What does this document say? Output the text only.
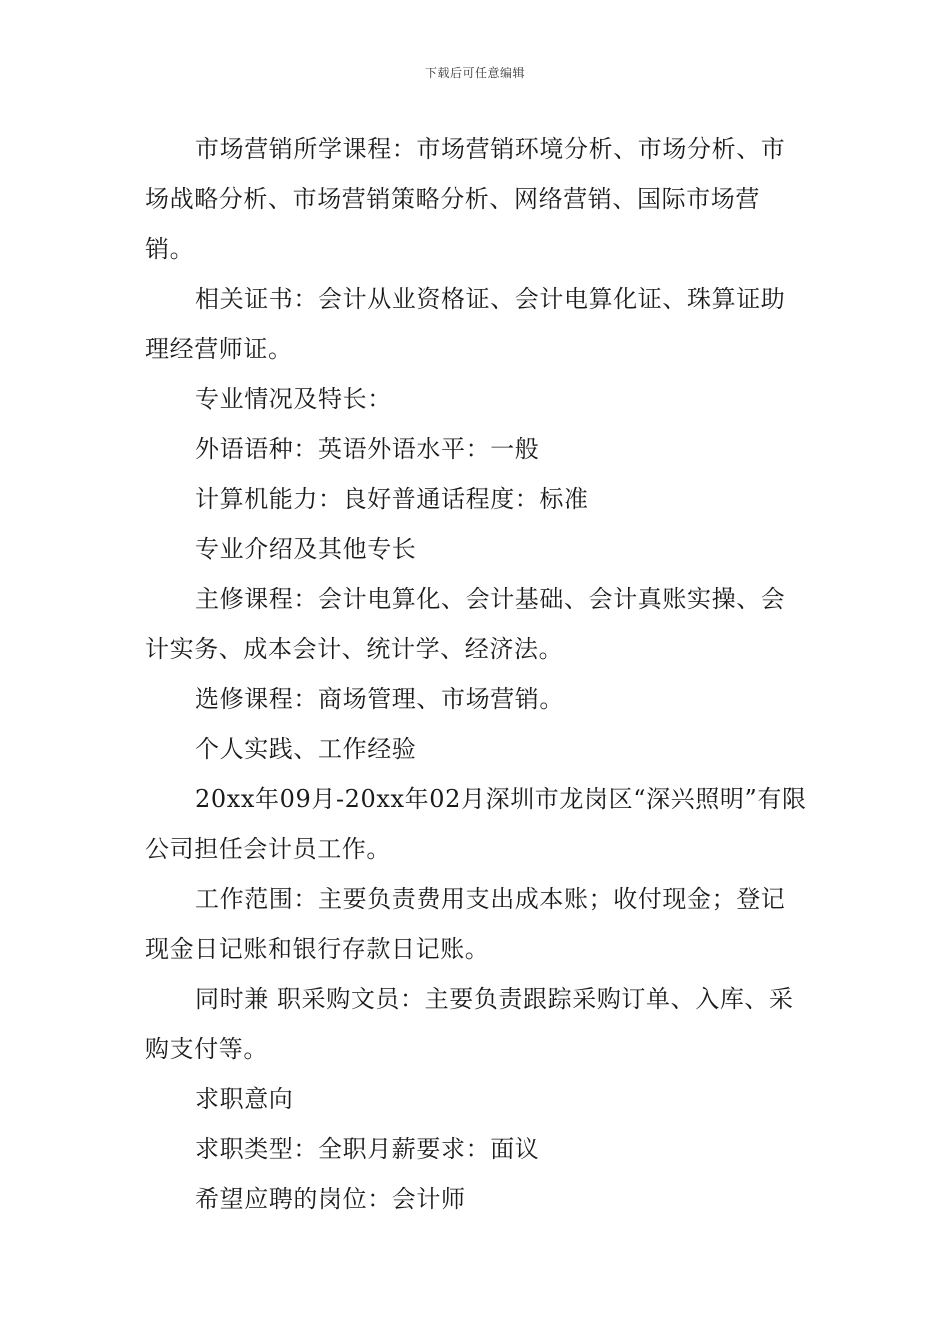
下载后可任意编辑

市场营销所学课程：市场营销环境分析、市场分析、市场战略分析、市场营销策略分析、网络营销、国际市场营销。

相关证书：会计从业资格证、会计电算化证、珠算证助理经营师证。

专业情况及特长：

外语语种：英语外语水平：一般

计算机能力：良好普通话程度：标准

专业介绍及其他专长

主修课程：会计电算化、会计基础、会计真账实操、会计实务、成本会计、统计学、经济法。

选修课程：商场管理、市场营销。

个人实践、工作经验

20xx年09月-20xx年02月深圳市龙岗区“深兴照明”有限公司担任会计员工作。

工作范围：主要负责费用支出成本账；收付现金；登记现金日记账和银行存款日记账。

同时兼 职采购文员：主要负责跟踪采购订单、入库、采购支付等。

求职意向

求职类型：全职月薪要求：面议

希望应聘的岗位：会计师
